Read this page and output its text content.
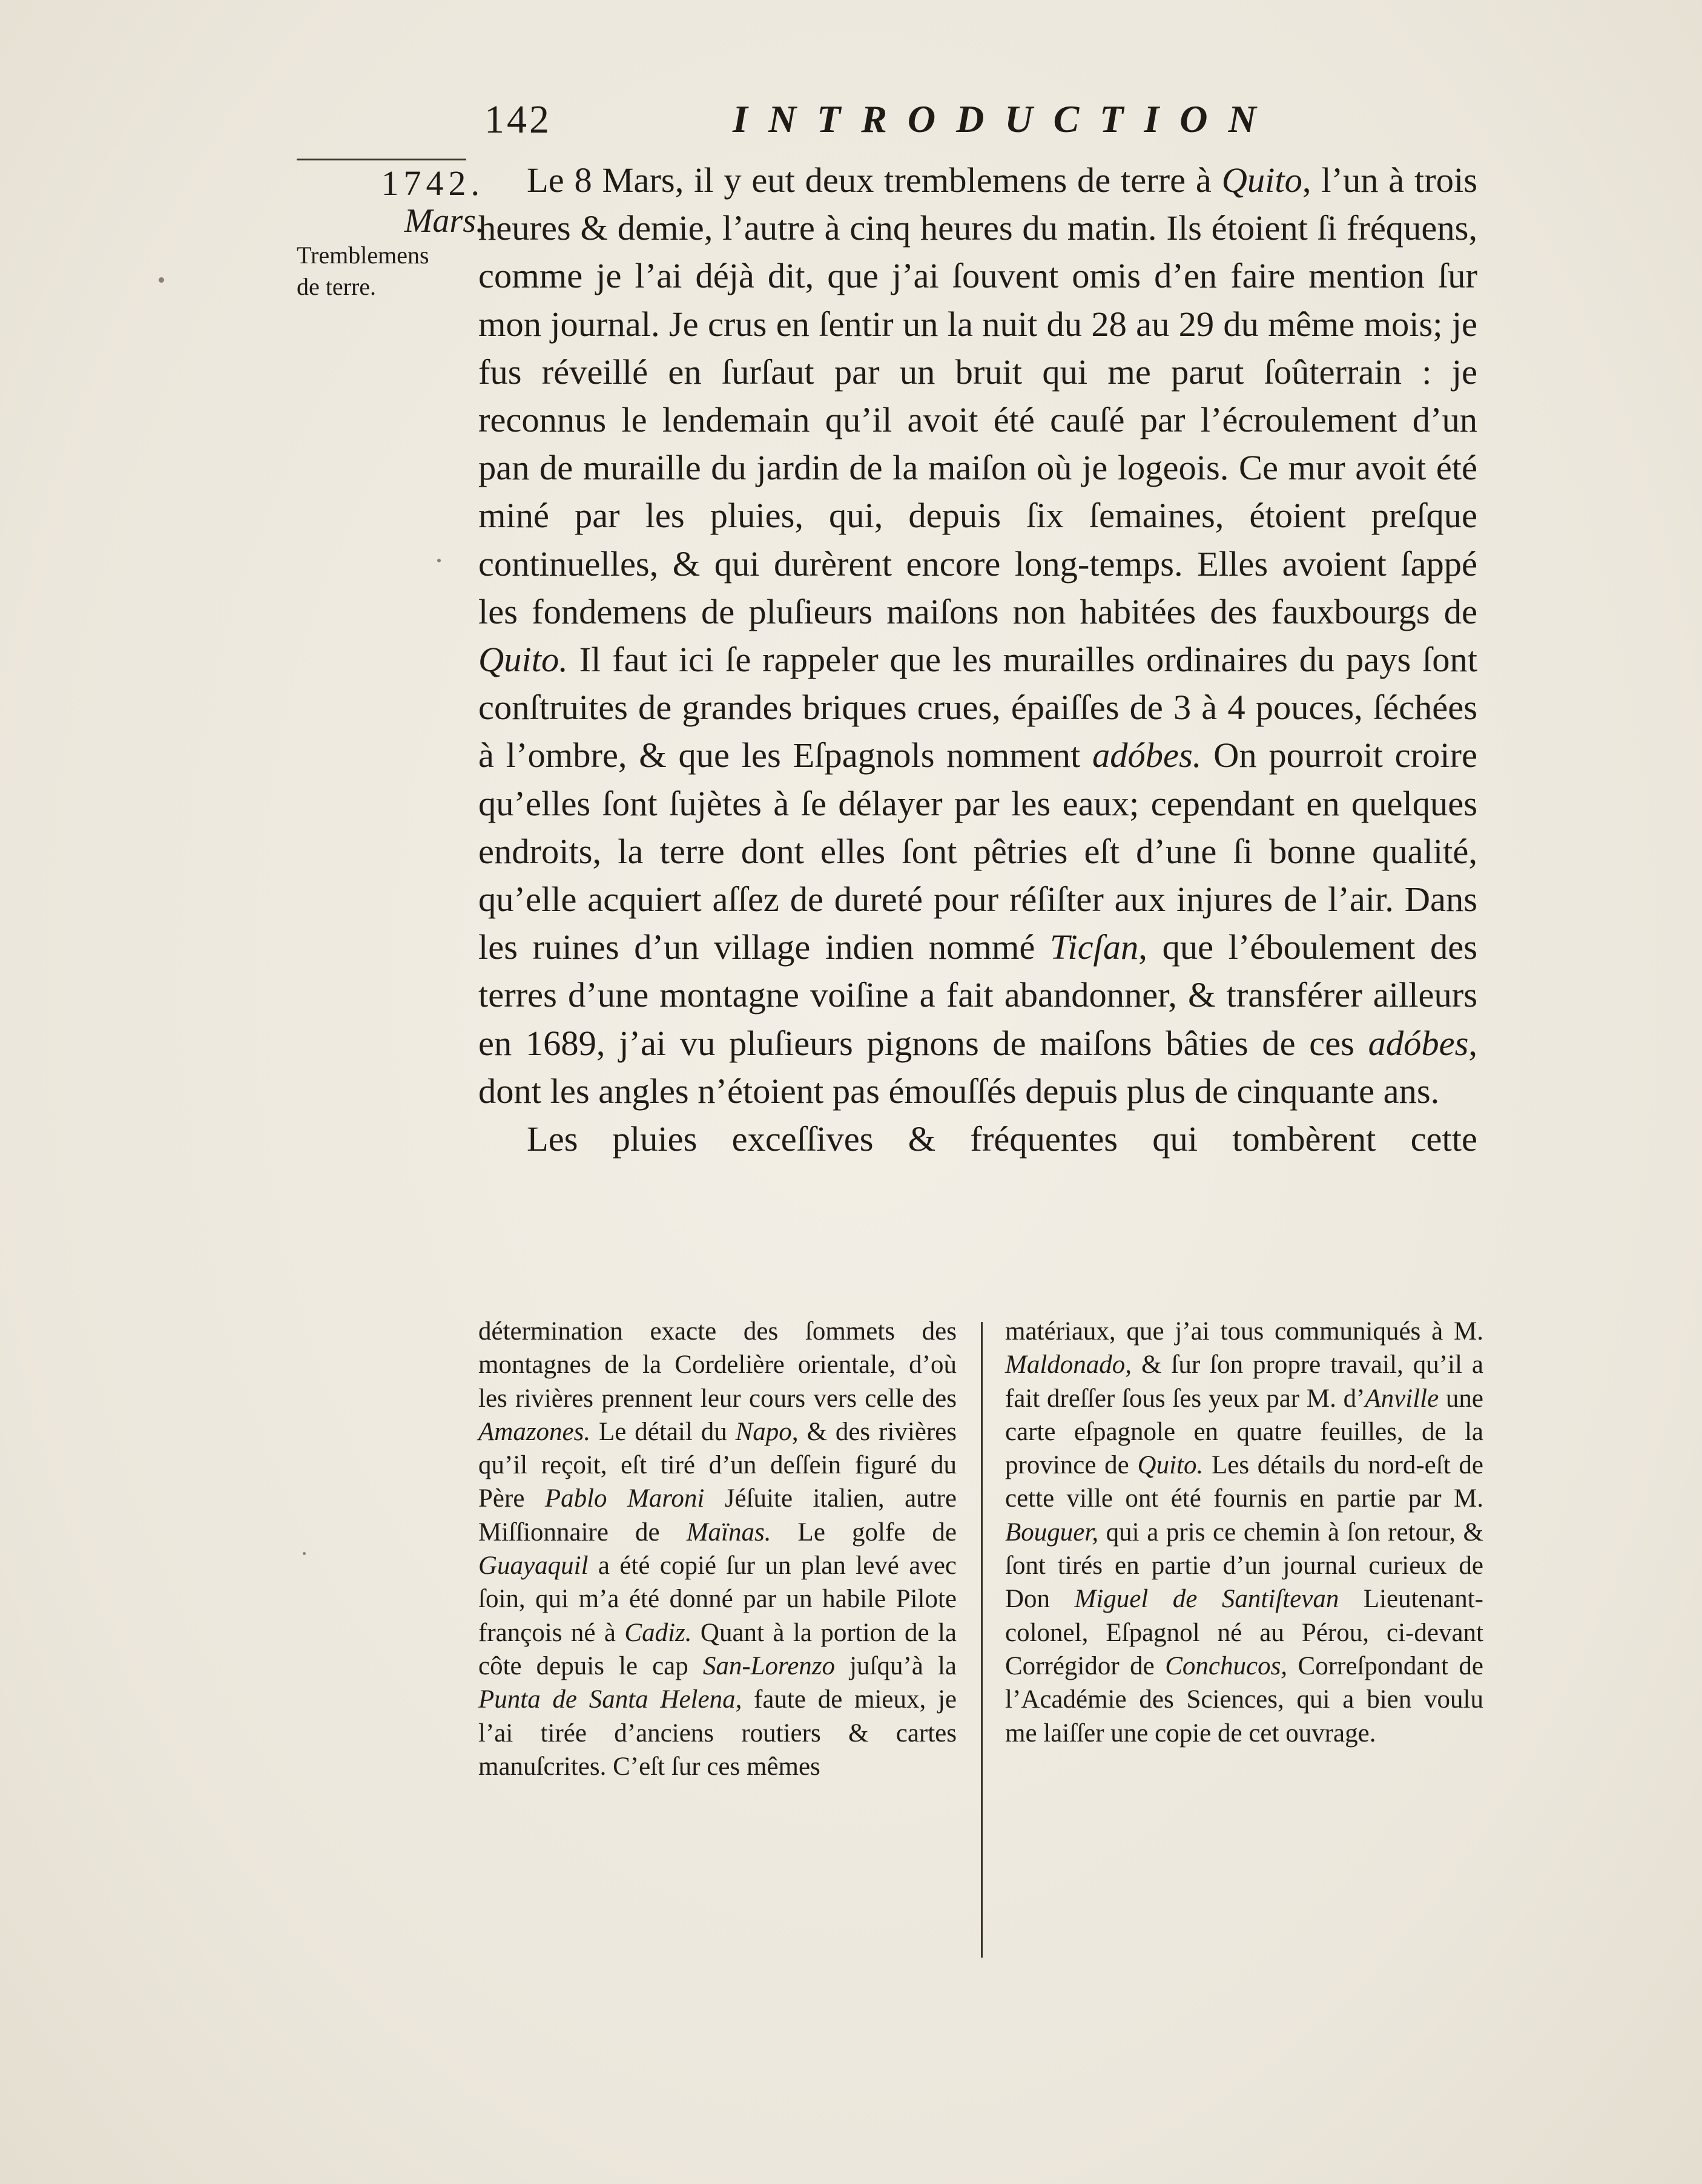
142	INTRODUCTION
1742.
Mars.
Tremblemens
de terre.

Le 8 Mars, il y eut deux tremblemens de terre à Quito, l’un à trois heures & demie, l’autre à cinq heures du matin. Ils étoient ſi fréquens, comme je l’ai déjà dit, que j’ai ſouvent omis d’en faire mention ſur mon journal. Je crus en ſentir un la nuit du 28 au 29 du même mois; je fus réveillé en ſurſaut par un bruit qui me parut ſoûterrain : je reconnus le lendemain qu’il avoit été cauſé par l’écroulement d’un pan de muraille du jardin de la maiſon où je logeois. Ce mur avoit été miné par les pluies, qui, depuis ſix ſemaines, étoient preſque continuelles, & qui durèrent encore long-temps. Elles avoient ſappé les fondemens de pluſieurs maiſons non habitées des fauxbourgs de Quito. Il faut ici ſe rappeler que les murailles ordinaires du pays ſont conſtruites de grandes briques crues, épaiſſes de 3 à 4 pouces, ſéchées à l’ombre, & que les Eſpagnols nomment adóbes. On pourroit croire qu’elles ſont ſujètes à ſe délayer par les eaux; cependant en quelques endroits, la terre dont elles ſont pêtries eſt d’une ſi bonne qualité, qu’elle acquiert aſſez de dureté pour réſiſter aux injures de l’air. Dans les ruines d’un village indien nommé Ticſan, que l’éboulement des terres d’une montagne voiſine a fait abandonner, & transférer ailleurs en 1689, j’ai vu pluſieurs pignons de maiſons bâties de ces adóbes, dont les angles n’étoient pas émouſſés depuis plus de cinquante ans.

Les pluies exceſſives & fréquentes qui tombèrent cette

détermination exacte des ſommets des montagnes de la Cordelière orientale, d’où les rivières prennent leur cours vers celle des Amazones. Le détail du Napo, & des rivières qu’il reçoit, eſt tiré d’un deſſein figuré du Père Pablo Maroni Jéſuite italien, autre Miſſionnaire de Maïnas. Le golfe de Guayaquil a été copié ſur un plan levé avec ſoin, qui m’a été donné par un habile Pilote françois né à Cadiz. Quant à la portion de la côte depuis le cap San-Lorenzo juſqu’à la Punta de Santa Helena, faute de mieux, je l’ai tirée d’anciens routiers & cartes manuſcrites. C’eſt ſur ces mêmes

matériaux, que j’ai tous communiqués à M. Maldonado, & ſur ſon propre travail, qu’il a fait dreſſer ſous ſes yeux par M. d’Anville une carte eſpagnole en quatre feuilles, de la province de Quito. Les détails du nord-eſt de cette ville ont été fournis en partie par M. Bouguer, qui a pris ce chemin à ſon retour, & ſont tirés en partie d’un journal curieux de Don Miguel de Santiſtevan Lieutenant-colonel, Eſpagnol né au Pérou, ci-devant Corrégidor de Conchucos, Correſpondant de l’Académie des Sciences, qui a bien voulu me laiſſer une copie de cet ouvrage.
